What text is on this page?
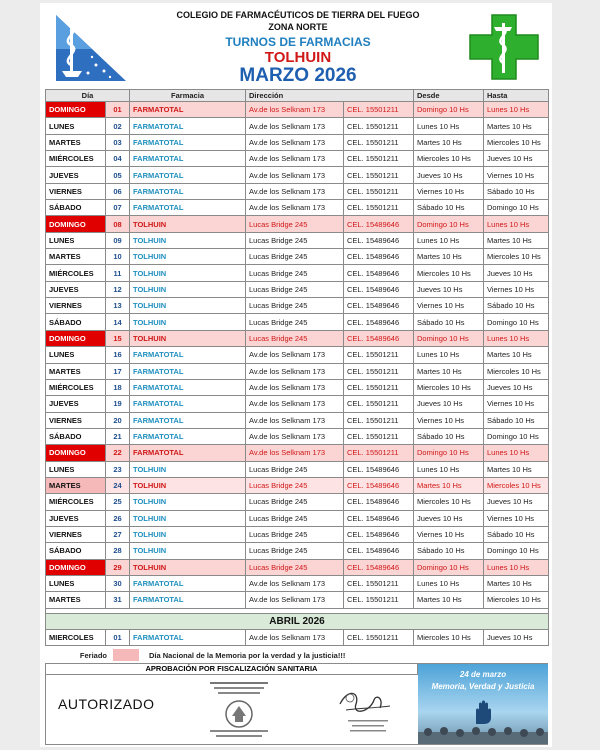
COLEGIO DE FARMACÉUTICOS DE TIERRA DEL FUEGO
ZONA NORTE
TURNOS DE FARMACIAS
TOLHUIN
MARZO 2026
Día		Farmacia	Dirección		Desde	Hasta
DOMINGO	01	FARMATOTAL	Av.de los Selknam 173	CEL. 15501211	Domingo 10 Hs	Lunes 10 Hs
LUNES	02	FARMATOTAL	Av.de los Selknam 173	CEL. 15501211	Lunes 10 Hs	Martes 10 Hs
MARTES	03	FARMATOTAL	Av.de los Selknam 173	CEL. 15501211	Martes 10 Hs	Miercoles 10 Hs
MIÉRCOLES	04	FARMATOTAL	Av.de los Selknam 173	CEL. 15501211	Miercoles 10 Hs	Jueves 10 Hs
JUEVES	05	FARMATOTAL	Av.de los Selknam 173	CEL. 15501211	Jueves 10 Hs	Viernes 10 Hs
VIERNES	06	FARMATOTAL	Av.de los Selknam 173	CEL. 15501211	Viernes 10 Hs	Sábado 10 Hs
SÁBADO	07	FARMATOTAL	Av.de los Selknam 173	CEL. 15501211	Sábado 10 Hs	Domingo 10 Hs
DOMINGO	08	TOLHUIN	Lucas Bridge 245	CEL. 15489646	Domingo 10 Hs	Lunes 10 Hs
LUNES	09	TOLHUIN	Lucas Bridge 245	CEL. 15489646	Lunes 10 Hs	Martes 10 Hs
MARTES	10	TOLHUIN	Lucas Bridge 245	CEL. 15489646	Martes 10 Hs	Miercoles 10 Hs
MIÉRCOLES	11	TOLHUIN	Lucas Bridge 245	CEL. 15489646	Miercoles 10 Hs	Jueves 10 Hs
JUEVES	12	TOLHUIN	Lucas Bridge 245	CEL. 15489646	Jueves 10 Hs	Viernes 10 Hs
VIERNES	13	TOLHUIN	Lucas Bridge 245	CEL. 15489646	Viernes 10 Hs	Sábado 10 Hs
SÁBADO	14	TOLHUIN	Lucas Bridge 245	CEL. 15489646	Sábado 10 Hs	Domingo 10 Hs
DOMINGO	15	TOLHUIN	Lucas Bridge 245	CEL. 15489646	Domingo 10 Hs	Lunes 10 Hs
LUNES	16	FARMATOTAL	Av.de los Selknam 173	CEL. 15501211	Lunes 10 Hs	Martes 10 Hs
MARTES	17	FARMATOTAL	Av.de los Selknam 173	CEL. 15501211	Martes 10 Hs	Miercoles 10 Hs
MIÉRCOLES	18	FARMATOTAL	Av.de los Selknam 173	CEL. 15501211	Miercoles 10 Hs	Jueves 10 Hs
JUEVES	19	FARMATOTAL	Av.de los Selknam 173	CEL. 15501211	Jueves 10 Hs	Viernes 10 Hs
VIERNES	20	FARMATOTAL	Av.de los Selknam 173	CEL. 15501211	Viernes 10 Hs	Sábado 10 Hs
SÁBADO	21	FARMATOTAL	Av.de los Selknam 173	CEL. 15501211	Sábado 10 Hs	Domingo 10 Hs
DOMINGO	22	FARMATOTAL	Av.de los Selknam 173	CEL. 15501211	Domingo 10 Hs	Lunes 10 Hs
LUNES	23	TOLHUIN	Lucas Bridge 245	CEL. 15489646	Lunes 10 Hs	Martes 10 Hs
MARTES	24	TOLHUIN	Lucas Bridge 245	CEL. 15489646	Martes 10 Hs	Miercoles 10 Hs
MIÉRCOLES	25	TOLHUIN	Lucas Bridge 245	CEL. 15489646	Miercoles 10 Hs	Jueves 10 Hs
JUEVES	26	TOLHUIN	Lucas Bridge 245	CEL. 15489646	Jueves 10 Hs	Viernes 10 Hs
VIERNES	27	TOLHUIN	Lucas Bridge 245	CEL. 15489646	Viernes 10 Hs	Sábado 10 Hs
SÁBADO	28	TOLHUIN	Lucas Bridge 245	CEL. 15489646	Sábado 10 Hs	Domingo 10 Hs
DOMINGO	29	TOLHUIN	Lucas Bridge 245	CEL. 15489646	Domingo 10 Hs	Lunes 10 Hs
LUNES	30	FARMATOTAL	Av.de los Selknam 173	CEL. 15501211	Lunes 10 Hs	Martes 10 Hs
MARTES	31	FARMATOTAL	Av.de los Selknam 173	CEL. 15501211	Martes 10 Hs	Miercoles 10 Hs

ABRIL 2026						
MIERCOLES	01	FARMATOTAL	Av.de los Selknam 173	CEL. 15501211	Miercoles 10 Hs	Jueves 10 Hs
Feriado	Día Nacional de la Memoria por la verdad y la justicia!!!
APROBACIÓN POR FISCALIZACIÓN SANITARIA
AUTORIZADO
24 de marzo
Memoria, Verdad y Justicia
